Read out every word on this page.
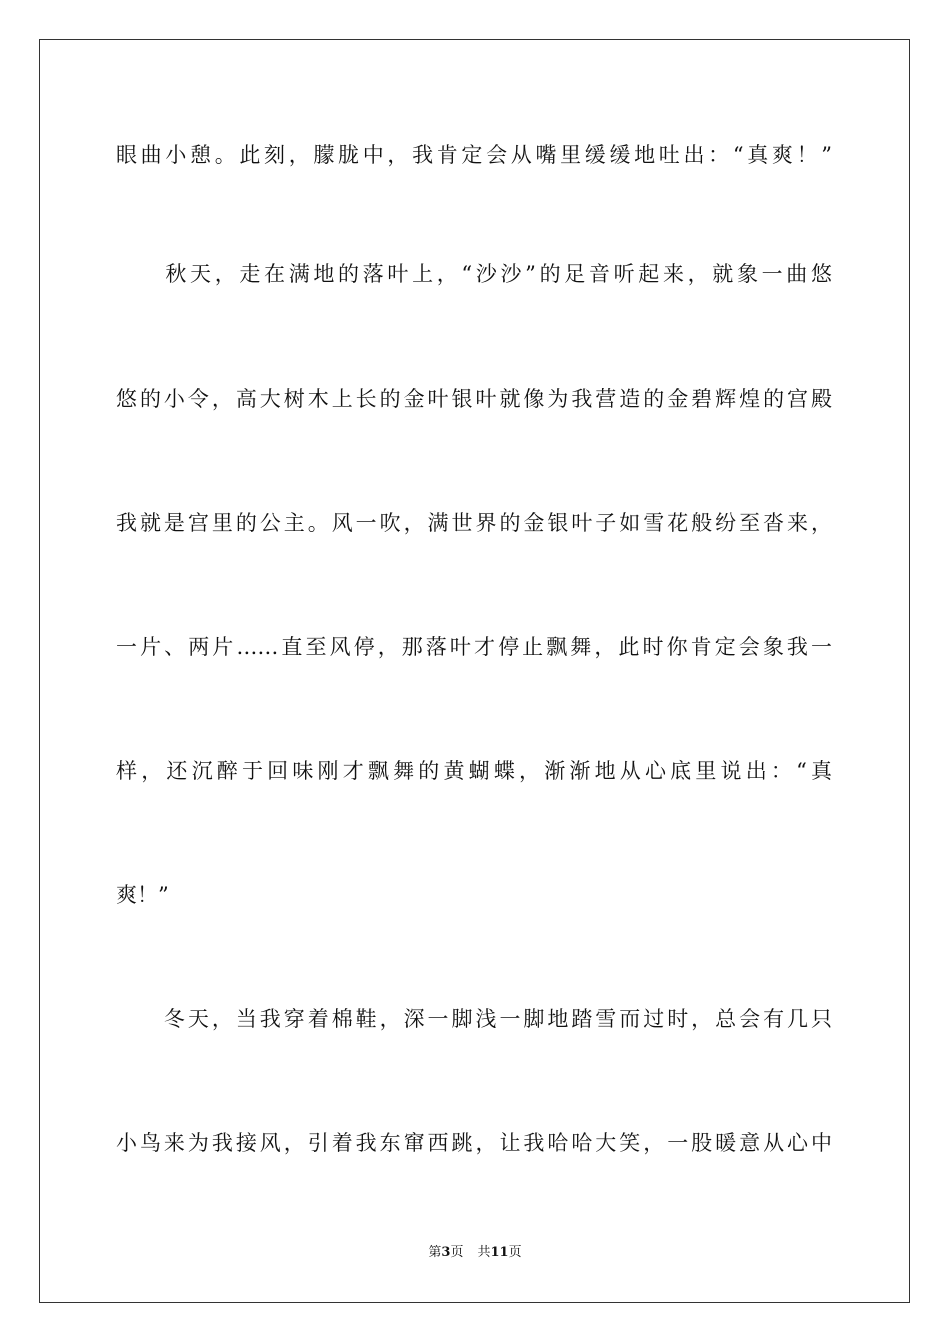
眼曲小憩。此刻，朦胧中，我肯定会从嘴里缓缓地吐出：“真爽！”
　　秋天，走在满地的落叶上，“沙沙”的足音听起来，就象一曲悠
悠的小令，高大树木上长的金叶银叶就像为我营造的金碧辉煌的宫殿
我就是宫里的公主。风一吹，满世界的金银叶子如雪花般纷至沓来，
一片、两片……直至风停，那落叶才停止飘舞，此时你肯定会象我一
样，还沉醉于回味刚才飘舞的黄蝴蝶，渐渐地从心底里说出：“真
爽！”
　　冬天，当我穿着棉鞋，深一脚浅一脚地踏雪而过时，总会有几只
小鸟来为我接风，引着我东窜西跳，让我哈哈大笑，一股暖意从心中
第3页 共11页
